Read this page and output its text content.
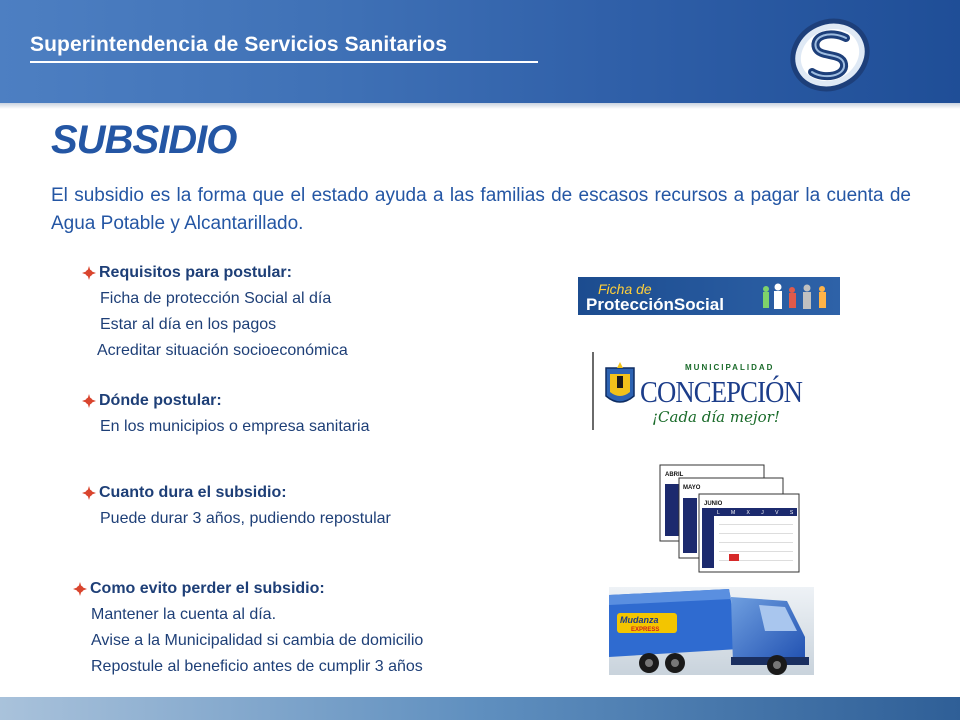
Superintendencia de Servicios Sanitarios
SUBSIDIO
El subsidio es la forma que el estado ayuda a las familias de escasos recursos a pagar la cuenta de Agua Potable y Alcantarillado.
Requisitos para postular:
Ficha de protección Social al día
Estar al día en los pagos
Acreditar situación socioeconómica
Dónde postular:
En los municipios o empresa sanitaria
Cuanto dura el subsidio:
Puede durar 3 años, pudiendo repostular
Como evito perder el subsidio:
Mantener la cuenta al día.
Avise a la Municipalidad si cambia de domicilio
Repostule al beneficio antes de cumplir 3 años
Ficha de
ProtecciónSocial
MUNICIPALIDAD
CONCEPCIÓN
¡Cada día mejor!
ABRIL
MAYO
JUNIO
L M X J V S D
Mudanza
EXPRESS
